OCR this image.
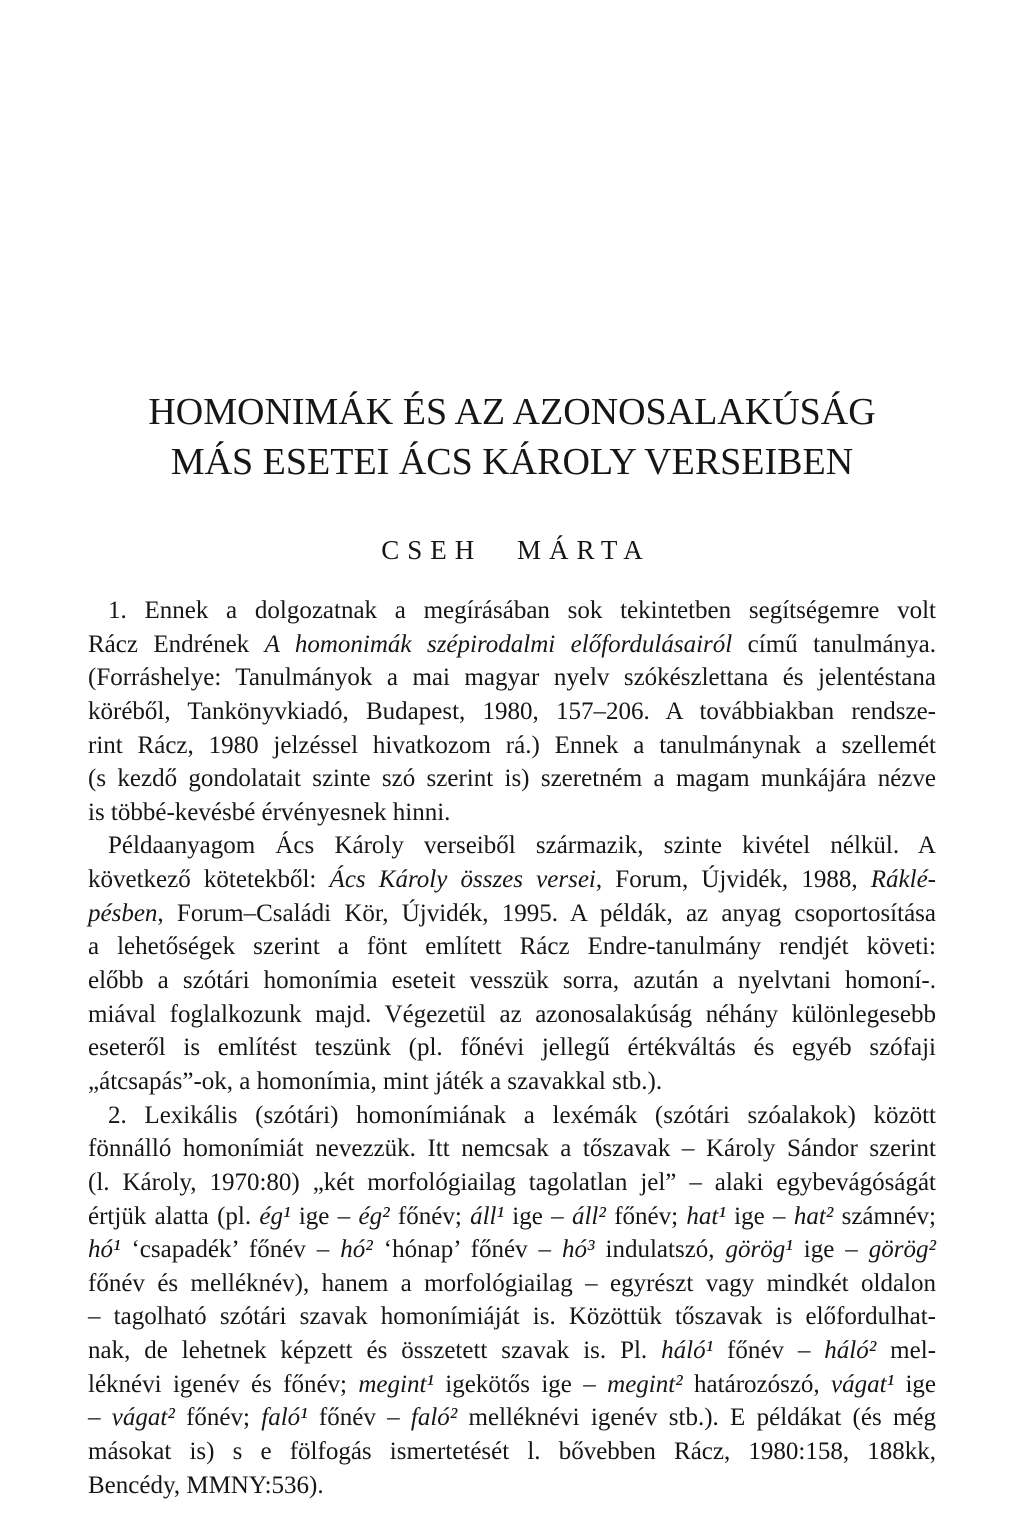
HOMONIMÁK ÉS AZ AZONOSALAKÚSÁG
MÁS ESETEI ÁCS KÁROLY VERSEIBEN
CSEH MÁRTA
1. Ennek a dolgozatnak a megírásában sok tekintetben segítségemre volt
Rácz Endrének A homonimák szépirodalmi előfordulásairól című tanulmánya.
(Forráshelye: Tanulmányok a mai magyar nyelv szókészlettana és jelentéstana
köréből, Tankönyvkiadó, Budapest, 1980, 157–206. A továbbiakban rendsze-
rint Rácz, 1980 jelzéssel hivatkozom rá.) Ennek a tanulmánynak a szellemét
(s kezdő gondolatait szinte szó szerint is) szeretném a magam munkájára nézve
is többé-kevésbé érvényesnek hinni.
Példaanyagom Ács Károly verseiből származik, szinte kivétel nélkül. A
következő kötetekből: Ács Károly összes versei, Forum, Újvidék, 1988, Ráklé-
pésben, Forum–Családi Kör, Újvidék, 1995. A példák, az anyag csoportosítása
a lehetőségek szerint a fönt említett Rácz Endre-tanulmány rendjét követi:
előbb a szótári homonímia eseteit vesszük sorra, azután a nyelvtani homoní-.
miával foglalkozunk majd. Végezetül az azonosalakúság néhány különlegesebb
eseteről is említést teszünk (pl. főnévi jellegű értékváltás és egyéb szófaji
„átcsapás”-ok, a homonímia, mint játék a szavakkal stb.).
2. Lexikális (szótári) homonímiának a lexémák (szótári szóalakok) között
fönnálló homonímiát nevezzük. Itt nemcsak a tőszavak – Károly Sándor szerint
(l. Károly, 1970:80) „két morfológiailag tagolatlan jel” – alaki egybevágóságát
értjük alatta (pl. ég¹ ige – ég² főnév; áll¹ ige – áll² főnév; hat¹ ige – hat² számnév;
hó¹ ‘csapadék’ főnév – hó² ‘hónap’ főnév – hó³ indulatszó, görög¹ ige – görög²
főnév és melléknév), hanem a morfológiailag – egyrészt vagy mindkét oldalon
– tagolható szótári szavak homonímiáját is. Közöttük tőszavak is előfordulhat-
nak, de lehetnek képzett és összetett szavak is. Pl. háló¹ főnév – háló² mel-
léknévi igenév és főnév; megint¹ igekötős ige – megint² határozószó, vágat¹ ige
– vágat² főnév; faló¹ főnév – faló² melléknévi igenév stb.). E példákat (és még
másokat is) s e fölfogás ismertetését l. bővebben Rácz, 1980:158, 188kk,
Bencédy, MMNY:536).
